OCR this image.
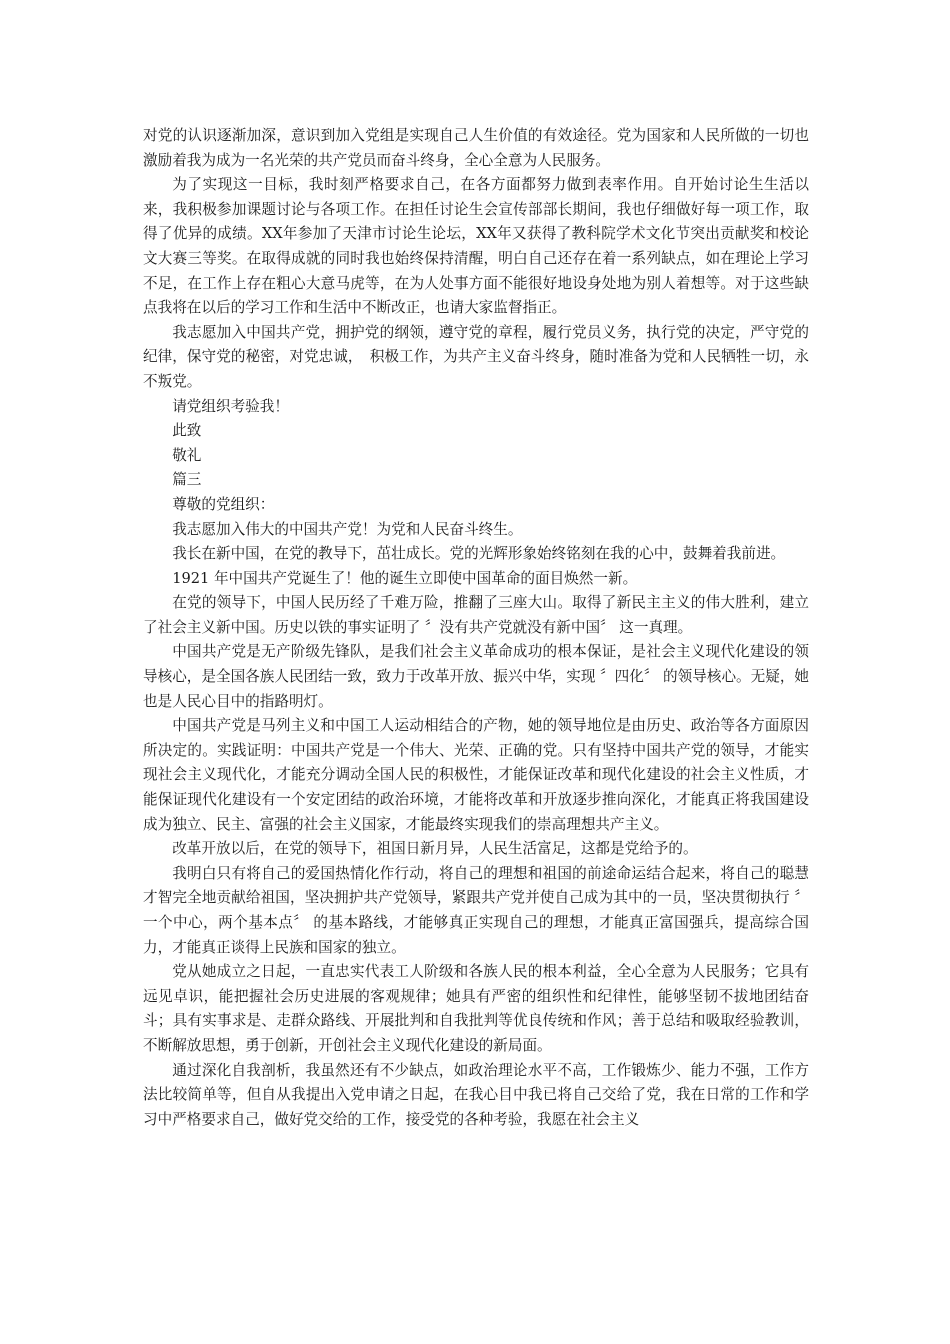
对党的认识逐渐加深，意识到加入党组是实现自己人生价值的有效途径。党为国家和人民所做的一切也激励着我为成为一名光荣的共产党员而奋斗终身，全心全意为人民服务。

为了实现这一目标，我时刻严格要求自己，在各方面都努力做到表率作用。自开始讨论生生活以来，我积极参加课题讨论与各项工作。在担任讨论生会宣传部部长期间，我也仔细做好每一项工作，取得了优异的成绩。XX年参加了天津市讨论生论坛，XX年又获得了教科院学术文化节突出贡献奖和校论文大赛三等奖。在取得成就的同时我也始终保持清醒，明白自己还存在着一系列缺点，如在理论上学习不足，在工作上存在粗心大意马虎等，在为人处事方面不能很好地设身处地为别人着想等。对于这些缺点我将在以后的学习工作和生活中不断改正，也请大家监督指正。

我志愿加入中国共产党，拥护党的纲领，遵守党的章程，履行党员义务，执行党的决定，严守党的纪律，保守党的秘密，对党忠诚，　积极工作，为共产主义奋斗终身，随时准备为党和人民牺牲一切，永不叛党。

请党组织考验我！

此致

敬礼

篇三

尊敬的党组织：

我志愿加入伟大的中国共产党！为党和人民奋斗终生。

我长在新中国，在党的教导下，茁壮成长。党的光辉形象始终铭刻在我的心中，鼓舞着我前进。

1921 年中国共产党诞生了！他的诞生立即使中国革命的面目焕然一新。

在党的领导下，中国人民历经了千难万险，推翻了三座大山。取得了新民主主义的伟大胜利，建立了社会主义新中国。历史以铁的事实证明了 〞没有共产党就没有新中国〞 这一真理。

中国共产党是无产阶级先锋队，是我们社会主义革命成功的根本保证，是社会主义现代化建设的领导核心，是全国各族人民团结一致，致力于改革开放、振兴中华，实现 〞四化〞 的领导核心。无疑，她也是人民心目中的指路明灯。

中国共产党是马列主义和中国工人运动相结合的产物，她的领导地位是由历史、政治等各方面原因所决定的。实践证明：中国共产党是一个伟大、光荣、正确的党。只有坚持中国共产党的领导，才能实现社会主义现代化，才能充分调动全国人民的积极性，才能保证改革和现代化建设的社会主义性质，才能保证现代化建设有一个安定团结的政治环境，才能将改革和开放逐步推向深化，才能真正将我国建设成为独立、民主、富强的社会主义国家，才能最终实现我们的崇高理想共产主义。

改革开放以后，在党的领导下，祖国日新月异，人民生活富足，这都是党给予的。

我明白只有将自己的爱国热情化作行动，将自己的理想和祖国的前途命运结合起来，将自己的聪慧才智完全地贡献给祖国，坚决拥护共产党领导，紧跟共产党并使自己成为其中的一员，坚决贯彻执行 〞一个中心，两个基本点〞 的基本路线，才能够真正实现自己的理想，才能真正富国强兵，提高综合国力，才能真正谈得上民族和国家的独立。

党从她成立之日起，一直忠实代表工人阶级和各族人民的根本利益，全心全意为人民服务；它具有远见卓识，能把握社会历史进展的客观规律；她具有严密的组织性和纪律性，能够坚韧不拔地团结奋斗；具有实事求是、走群众路线、开展批判和自我批判等优良传统和作风；善于总结和吸取经验教训，不断解放思想，勇于创新，开创社会主义现代化建设的新局面。

通过深化自我剖析，我虽然还有不少缺点，如政治理论水平不高，工作锻炼少、能力不强，工作方法比较简单等，但自从我提出入党申请之日起，在我心目中我已将自己交给了党，我在日常的工作和学习中严格要求自己，做好党交给的工作，接受党的各种考验，我愿在社会主义
